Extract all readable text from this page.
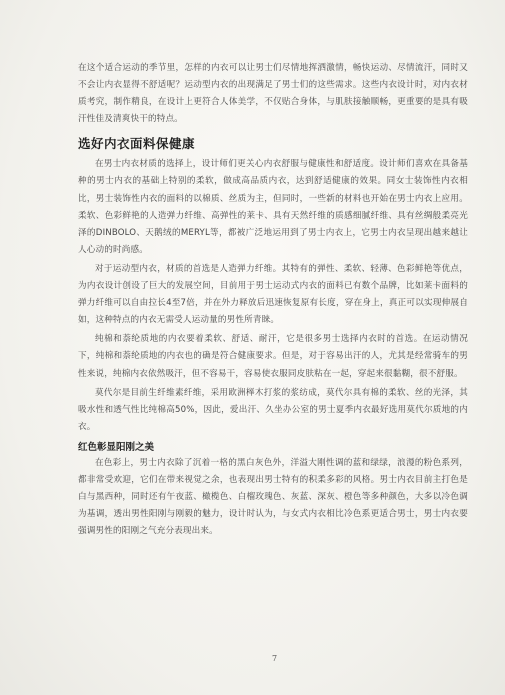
在这个适合运动的季节里，怎样的内衣可以让男士们尽情地挥洒激情，畅快运动、尽情流汗，同时又不会让内衣显得不舒适呢？运动型内衣的出现满足了男士们的这些需求。这些内衣设计时，对内衣材质考究，制作精良，在设计上更符合人体美学，不仅贴合身体，与肌肤接触顺畅，更重要的是具有吸汗性佳及清爽快干的特点。

选好内衣面料保健康

在男士内衣材质的选择上，设计师们更关心内衣舒服与健康性和舒适度。设计师们喜欢在具备基种的男士内衣的基础上特别的柔软，做成高品质内衣，达到舒适健康的效果。同女士装饰性内衣相比，男士装饰性内衣的面料的以棉质、丝质为主，但同时，一些新的材料也开始在男士内衣上应用。柔软、色彩鲜艳的人造弹力纤维、高弹性的莱卡、具有天然纤维的质感细腻纤维、具有丝绸般柔亮光泽的DINBOLO、天鹅绒的MERYL等，都被广泛地运用到了男士内衣上，它男士内衣呈现出越来越让人心动的时尚感。

对于运动型内衣，材质的首选是人造弹力纤维。其特有的弹性、柔软、轻薄、色彩鲜艳等优点，为内衣设计创设了巨大的发展空间，目前用于男士运动式内衣的面料已有数个品牌，比如莱卡面料的弹力纤维可以自由拉长4至7倍，并在外力释放后迅速恢复原有长度，穿在身上，真正可以实现伸展自如，这种特点的内衣无需受人运动量的男性所青睐。

纯棉和萘纶质地的内衣要着柔软、舒适、耐汗，它是很多男士选择内衣时的首选。在运动情况下，纯棉和萘纶质地的内衣也的确是符合健康要求。但是，对于容易出汗的人，尤其是经常骑车的男性来说，纯棉内衣依然吸汗，但不容易干，容易使衣服同皮肤粘在一起，穿起来很黏糊，很不舒服。

莫代尔是目前生纤维素纤维，采用欧洲榉木打浆的浆纺成，莫代尔具有棉的柔软、丝的光泽，其吸水性和透气性比纯棉高50%，因此，爱出汗、久坐办公室的男士夏季内衣最好选用莫代尔质地的内衣。

红色彰显阳刚之美

在色彩上，男士内衣除了沉着一格的黑白灰色外，洋溢大刚性调的蓝和绿绿，浪漫的粉色系列，都非常受欢迎，它们在带来视觉之余，也表现出男士特有的积柔多彩的风格。男士内衣目前主打色是白与黑西种，同时还有午夜蓝、橄榄色、白榴玫瑰色、灰蓝、深灰、橙色等多种颜色，大多以冷色调为基调，透出男性阳刚与刚毅的魅力，设计时认为，与女式内衣相比冷色系更适合男士，男士内衣要强调男性的阳刚之气充分表现出来。

7
